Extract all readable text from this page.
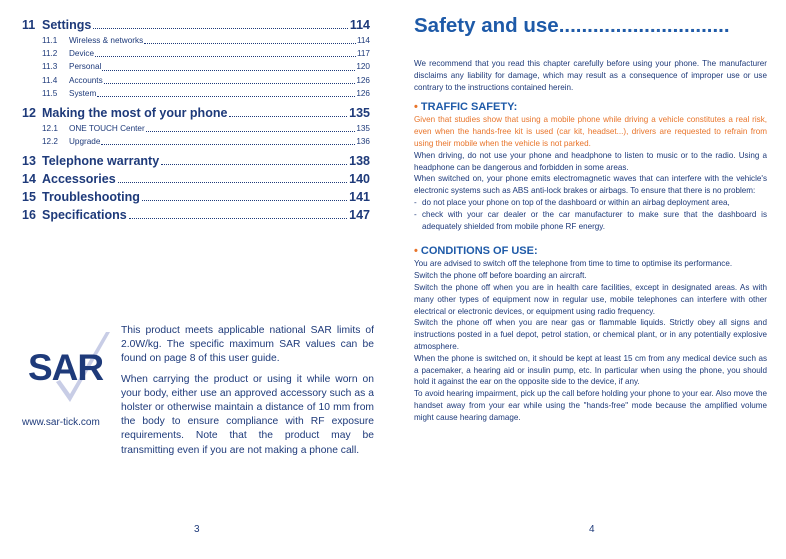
11 Settings	114
11.1	Wireless & networks	114
11.2	Device	117
11.3	Personal	120
11.4	Accounts	126
11.5	System	126
12 Making the most of your phone	135
12.1	ONE TOUCH Center	135
12.2	Upgrade	136
13 Telephone warranty	138
14 Accessories	140
15 Troubleshooting	141
16 Specifications	147
SAR
www.sar-tick.com

This product meets applicable national SAR limits of 2.0W/kg. The specific maximum SAR values can be found on page 8 of this user guide.

When carrying the product or using it while worn on your body, either use an approved accessory such as a holster or otherwise maintain a distance of 10 mm from the body to ensure compliance with RF exposure requirements. Note that the product may be transmitting even if you are not making a phone call.

3
Safety and use..............................

We recommend that you read this chapter carefully before using your phone. The manufacturer disclaims any liability for damage, which may result as a consequence of improper use or use contrary to the instructions contained herein.

• TRAFFIC SAFETY:

Given that studies show that using a mobile phone while driving a vehicle constitutes a real risk, even when the hands-free kit is used (car kit, headset...), drivers are requested to refrain from using their mobile when the vehicle is not parked.

When driving, do not use your phone and headphone to listen to music or to the radio. Using a headphone can be dangerous and forbidden in some areas.

When switched on, your phone emits electromagnetic waves that can interfere with the vehicle's electronic systems such as ABS anti-lock brakes or airbags. To ensure that there is no problem:

- do not place your phone on top of the dashboard or within an airbag deployment area,
- check with your car dealer or the car manufacturer to make sure that the dashboard is adequately shielded from mobile phone RF energy.
• CONDITIONS OF USE:

You are advised to switch off the telephone from time to time to optimise its performance.

Switch the phone off before boarding an aircraft.

Switch the phone off when you are in health care facilities, except in designated areas. As with many other types of equipment now in regular use, mobile telephones can interfere with other electrical or electronic devices, or equipment using radio frequency.

Switch the phone off when you are near gas or flammable liquids. Strictly obey all signs and instructions posted in a fuel depot, petrol station, or chemical plant, or in any potentially explosive atmosphere.

When the phone is switched on, it should be kept at least 15 cm from any medical device such as a pacemaker, a hearing aid or insulin pump, etc. In particular when using the phone, you should hold it against the ear on the opposite side to the device, if any.

To avoid hearing impairment, pick up the call before holding your phone to your ear. Also move the handset away from your ear while using the "hands-free" mode because the amplified volume might cause hearing damage.

4
